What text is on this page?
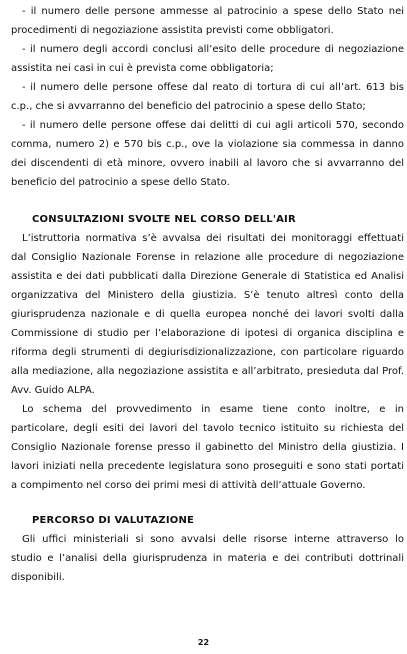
- il numero delle persone ammesse al patrocinio a spese dello Stato nei
procedimenti di negoziazione assistita previsti come obbligatori.
- il numero degli accordi conclusi all’esito delle procedure di negoziazione
assistita nei casi in cui è prevista come obbligatoria;
- il numero delle persone offese dal reato di tortura di cui all’art. 613 bis
c.p., che si avvarranno del beneficio del patrocinio a spese dello Stato;
- il numero delle persone offese dai delitti di cui agli articoli 570, secondo
comma, numero 2) e 570 bis c.p., ove la violazione sia commessa in danno
dei discendenti di età minore, ovvero inabili al lavoro che si avvarranno del
beneficio del patrocinio a spese dello Stato.
CONSULTAZIONI SVOLTE NEL CORSO DELL'AIR
L’istruttoria normativa s’è avvalsa dei risultati dei monitoraggi effettuati
dal Consiglio Nazionale Forense in relazione alle procedure di negoziazione
assistita e dei dati pubblicati dalla Direzione Generale di Statistica ed Analisi
organizzativa del Ministero della giustizia. S’è tenuto altresì conto della
giurisprudenza nazionale e di quella europea nonché dei lavori svolti dalla
Commissione di studio per l’elaborazione di ipotesi di organica disciplina e
riforma degli strumenti di degiurisdizionalizzazione, con particolare riguardo
alla mediazione, alla negoziazione assistita e all’arbitrato, presieduta dal Prof.
Avv. Guido ALPA.
Lo schema del provvedimento in esame tiene conto inoltre, e in
particolare, degli esiti dei lavori del tavolo tecnico istituito su richiesta del
Consiglio Nazionale forense presso il gabinetto del Ministro della giustizia. I
lavori iniziati nella precedente legislatura sono proseguiti e sono stati portati
a compimento nel corso dei primi mesi di attività dell’attuale Governo.
PERCORSO DI VALUTAZIONE
Gli uffici ministeriali si sono avvalsi delle risorse interne attraverso lo
studio e l’analisi della giurisprudenza in materia e dei contributi dottrinali
disponibili.
22
